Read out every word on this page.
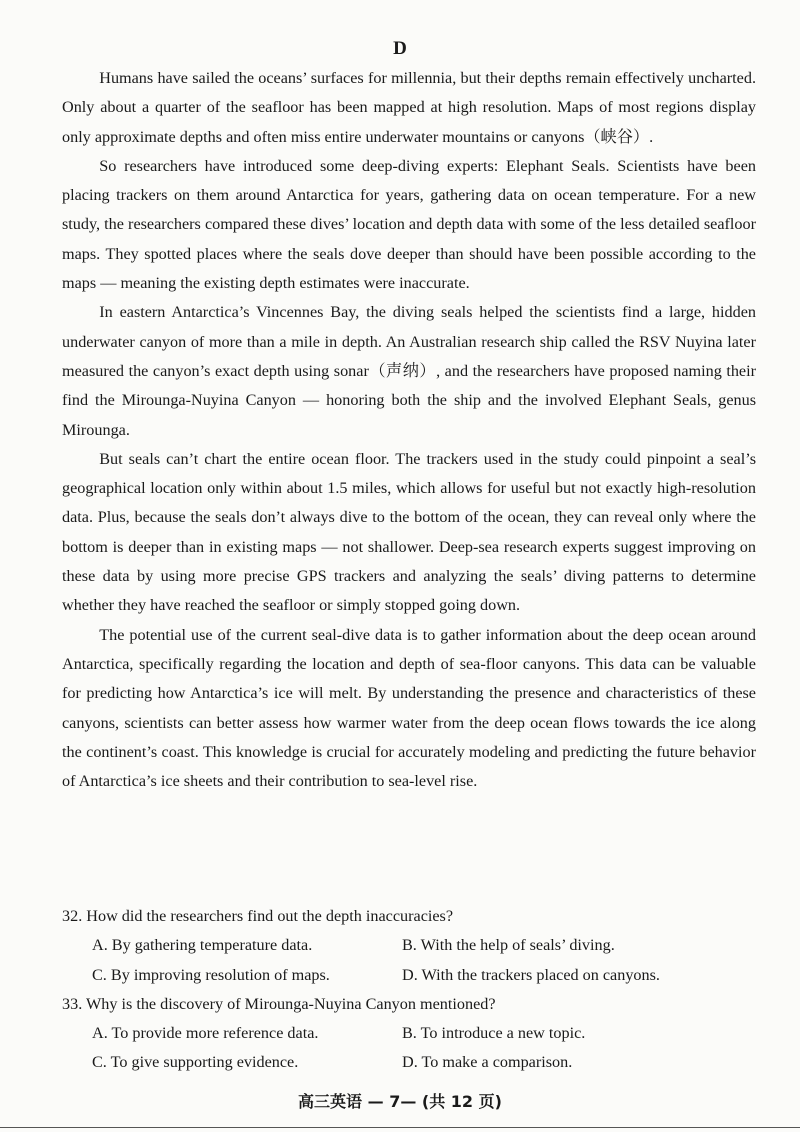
D

Humans have sailed the oceans’ surfaces for millennia, but their depths remain effectively uncharted. Only about a quarter of the seafloor has been mapped at high resolution. Maps of most regions display only approximate depths and often miss entire underwater mountains or canyons（峡谷）.

So researchers have introduced some deep-diving experts: Elephant Seals. Scientists have been placing trackers on them around Antarctica for years, gathering data on ocean temperature. For a new study, the researchers compared these dives’ location and depth data with some of the less detailed seafloor maps. They spotted places where the seals dove deeper than should have been possible according to the maps — meaning the existing depth estimates were inaccurate.

In eastern Antarctica’s Vincennes Bay, the diving seals helped the scientists find a large, hidden underwater canyon of more than a mile in depth. An Australian research ship called the RSV Nuyina later measured the canyon’s exact depth using sonar（声纳）, and the researchers have proposed naming their find the Mirounga-Nuyina Canyon — honoring both the ship and the involved Elephant Seals, genus Mirounga.

But seals can’t chart the entire ocean floor. The trackers used in the study could pinpoint a seal’s geographical location only within about 1.5 miles, which allows for useful but not exactly high-resolution data. Plus, because the seals don’t always dive to the bottom of the ocean, they can reveal only where the bottom is deeper than in existing maps — not shallower. Deep-sea research experts suggest improving on these data by using more precise GPS trackers and analyzing the seals’ diving patterns to determine whether they have reached the seafloor or simply stopped going down.

The potential use of the current seal-dive data is to gather information about the deep ocean around Antarctica, specifically regarding the location and depth of sea-floor canyons. This data can be valuable for predicting how Antarctica’s ice will melt. By understanding the presence and characteristics of these canyons, scientists can better assess how warmer water from the deep ocean flows towards the ice along the continent’s coast. This knowledge is crucial for accurately modeling and predicting the future behavior of Antarctica’s ice sheets and their contribution to sea-level rise.

32. How did the researchers find out the depth inaccuracies?

A. By gathering temperature data.	B. With the help of seals’ diving.
C. By improving resolution of maps.	D. With the trackers placed on canyons.

33. Why is the discovery of Mirounga-Nuyina Canyon mentioned?

A. To provide more reference data.	B. To introduce a new topic.
C. To give supporting evidence.	D. To make a comparison.
高三英语 — 7— (共 12 页)
